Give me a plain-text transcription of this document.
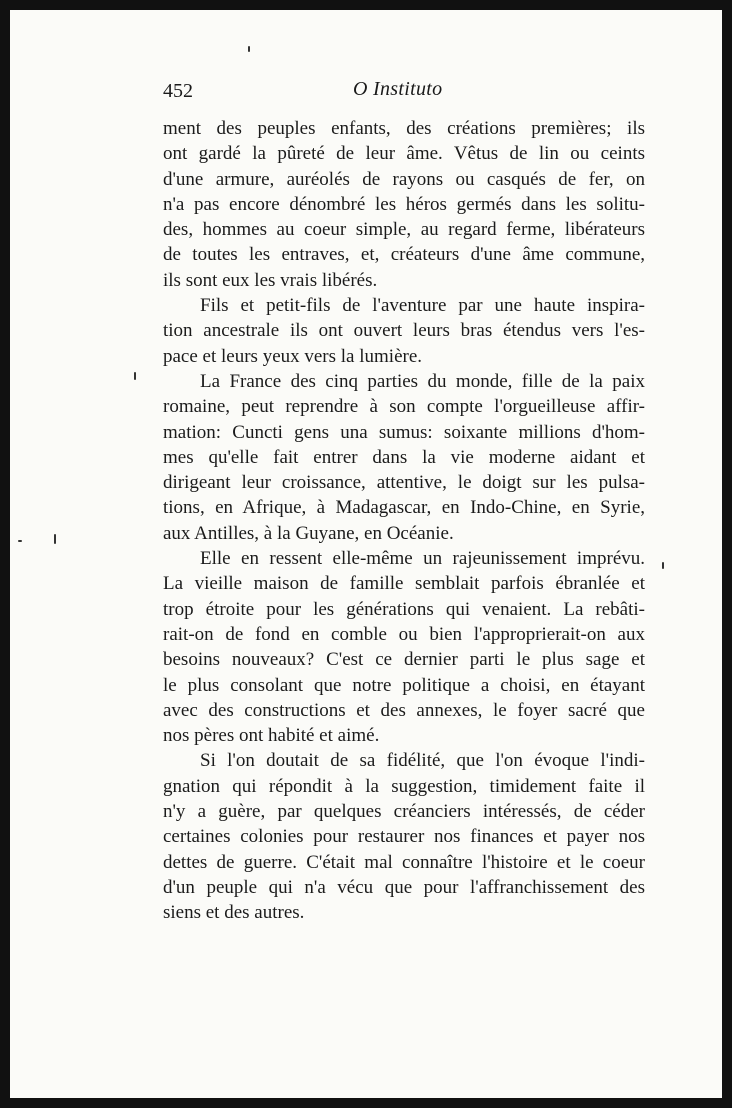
452	O Instituto

ment des peuples enfants, des créations premières; ils

ont gardé la pûreté de leur âme. Vêtus de lin ou ceints

d'une armure, auréolés de rayons ou casqués de fer, on

n'a pas encore dénombré les héros germés dans les solitu-

des, hommes au coeur simple, au regard ferme, libérateurs

de toutes les entraves, et, créateurs d'une âme commune,

ils sont eux les vrais libérés.

Fils et petit-fils de l'aventure par une haute inspira-

tion ancestrale ils ont ouvert leurs bras étendus vers l'es-

pace et leurs yeux vers la lumière.

La France des cinq parties du monde, fille de la paix

romaine, peut reprendre à son compte l'orgueilleuse affir-

mation: Cuncti gens una sumus: soixante millions d'hom-

mes qu'elle fait entrer dans la vie moderne aidant et

dirigeant leur croissance, attentive, le doigt sur les pulsa-

tions, en Afrique, à Madagascar, en Indo-Chine, en Syrie,

aux Antilles, à la Guyane, en Océanie.

Elle en ressent elle-même un rajeunissement imprévu.

La vieille maison de famille semblait parfois ébranlée et

trop étroite pour les générations qui venaient. La rebâti-

rait-on de fond en comble ou bien l'approprierait-on aux

besoins nouveaux? C'est ce dernier parti le plus sage et

le plus consolant que notre politique a choisi, en étayant

avec des constructions et des annexes, le foyer sacré que

nos pères ont habité et aimé.

Si l'on doutait de sa fidélité, que l'on évoque l'indi-

gnation qui répondit à la suggestion, timidement faite il

n'y a guère, par quelques créanciers intéressés, de céder

certaines colonies pour restaurer nos finances et payer nos

dettes de guerre. C'était mal connaître l'histoire et le coeur

d'un peuple qui n'a vécu que pour l'affranchissement des

siens et des autres.
